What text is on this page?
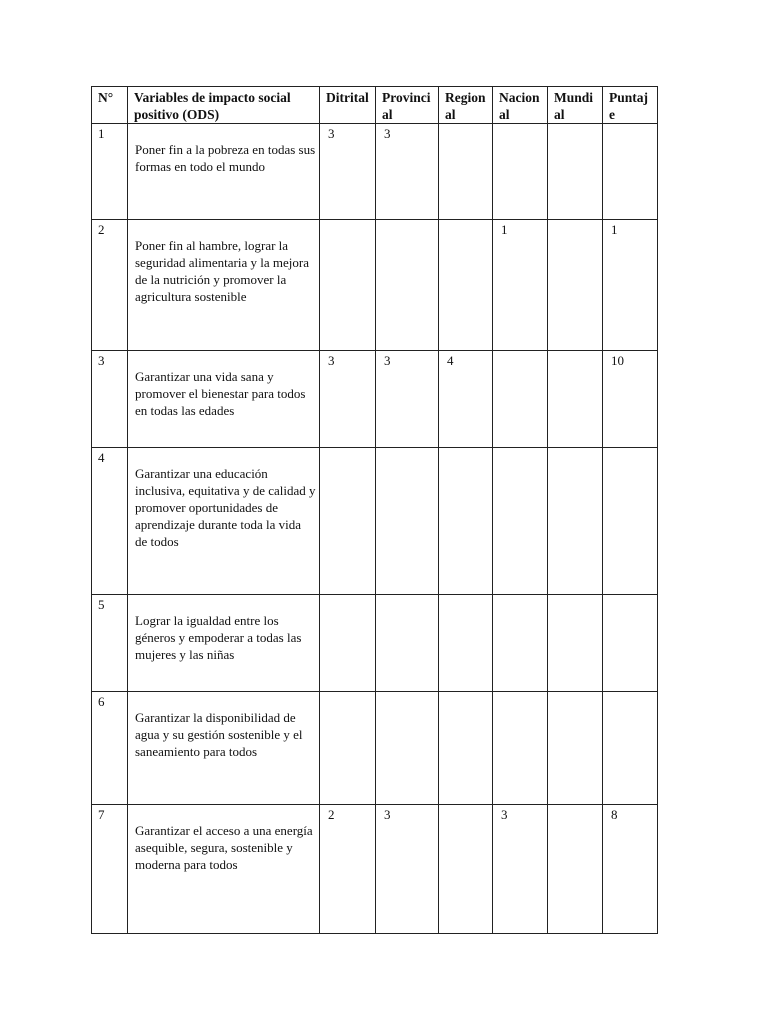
N°	Variables de impacto social positivo (ODS)	Ditrital	Provincial	Regional	Nacional	Mundial	Puntaje
1	Poner fin a la pobreza en todas sus formas en todo el mundo	3	3				
2	Poner fin al hambre, lograr la seguridad alimentaria y la mejora de la nutrición y promover la agricultura sostenible				1		1
3	Garantizar una vida sana y promover el bienestar para todos en todas las edades	3	3	4			10
4	Garantizar una educación inclusiva, equitativa y de calidad y promover oportunidades de aprendizaje durante toda la vida de todos						
5	Lograr la igualdad entre los géneros y empoderar a todas las mujeres y las niñas						
6	Garantizar la disponibilidad de agua y su gestión sostenible y el saneamiento para todos						
7	Garantizar el acceso a una energía asequible, segura, sostenible y moderna para todos	2	3		3		8
